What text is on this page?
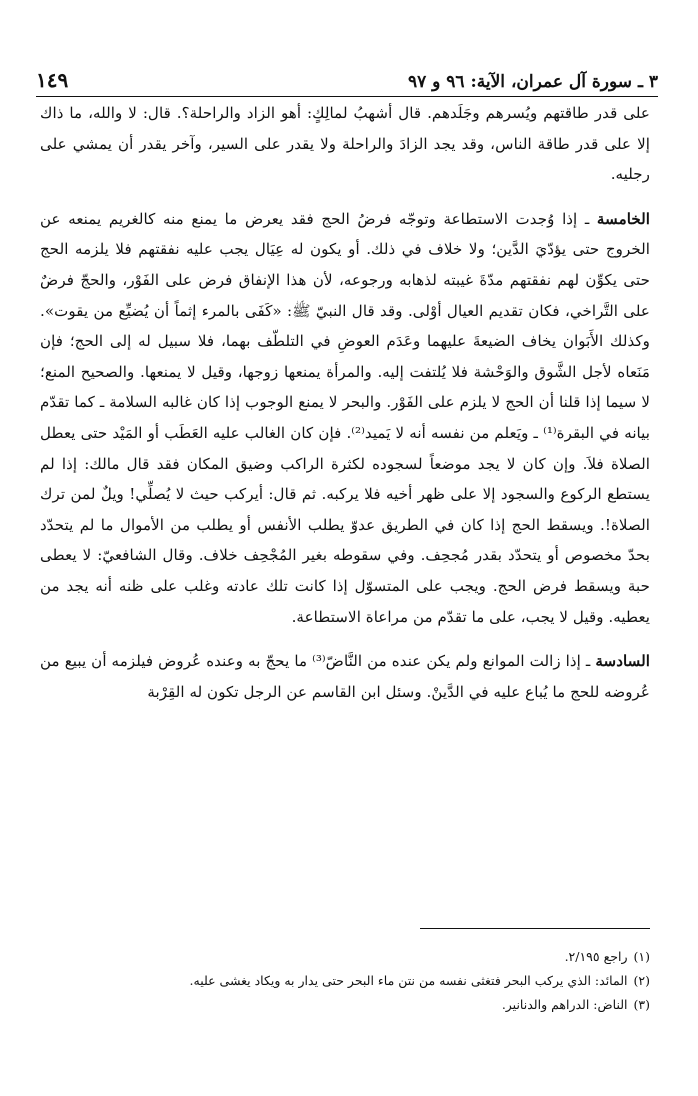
٣ ـ سورة آل عمران، الآية: ٩٦ و ٩٧
١٤٩

على قدر طاقتهم ويُسرهم وجَلَدهم. قال أشهبُ لمالِكٍ: أهو الزاد والراحلة؟. قال: لا والله، ما ذاك إلا على قدر طاقة الناس، وقد يجد الزادَ والراحلة ولا يقدر على السير، وآخر يقدر أن يمشي على رجليه.

الخامسة ـ إذا وُجدت الاستطاعة وتوجّه فرضُ الحج فقد يعرض ما يمنع منه كالغريم يمنعه عن الخروج حتى يؤدّيَ الدَّين؛ ولا خلاف في ذلك. أو يكون له عِيَال يجب عليه نفقتهم فلا يلزمه الحج حتى يكوِّن لهم نفقتهم مدّةَ غيبته لذهابه ورجوعه، لأن هذا الإنفاق فرض على الفَوْر، والحجّ فرضٌ على التَّراخي، فكان تقديم العيال أوْلى. وقد قال النبيّ ﷺ: «كَفَى بالمرء إثماً أن يُضيِّع من يقوت». وكذلك الأَبَوان يخاف الضيعةَ عليهما وعَدَم العوضِ في التلطّف بهما، فلا سبيل له إلى الحج؛ فإن مَنَعاه لأجل الشَّوق والوَحْشة فلا يُلتفت إليه. والمرأة يمنعها زوجها، وقيل لا يمنعها. والصحيح المنع؛ لا سيما إذا قلنا أن الحج لا يلزم على الفَوْر. والبحر لا يمنع الوجوب إذا كان غالبه السلامة ـ كما تقدّم بيانه في البقرة⁽¹⁾ ـ ويَعلم من نفسه أنه لا يَميد⁽²⁾. فإن كان الغالب عليه العَطَب أو المَيْد حتى يعطل الصلاة فلاَ. وإن كان لا يجد موضعاً لسجوده لكثرة الراكب وضيق المكان فقد قال مالك: إذا لم يستطع الركوع والسجود إلا على ظهر أخيه فلا يركبه. ثم قال: أيركب حيث لا يُصلِّي! ويلٌ لمن ترك الصلاة!. ويسقط الحج إذا كان في الطريق عدوّ يطلب الأنفس أو يطلب من الأموال ما لم يتحدّد بحدّ مخصوص أو يتحدّد بقدر مُجحِف. وفي سقوطه بغير المُجْحِف خلاف. وقال الشافعيّ: لا يعطى حبة ويسقط فرض الحج. ويجب على المتسوّل إذا كانت تلك عادته وغلب على ظنه أنه يجد من يعطيه. وقيل لا يجب، على ما تقدّم من مراعاة الاستطاعة.

السادسة ـ إذا زالت الموانع ولم يكن عنده من النَّاضّ⁽³⁾ ما يحجّ به وعنده عُروض فيلزمه أن يبيع من عُروضه للحج ما يُباع عليه في الدَّينْ. وسئل ابن القاسم عن الرجل تكون له القِرْبة

(١)راجع ٢/١٩٥.

(٢)المائد: الذي يركب البحر فتغثى نفسه من نتن ماء البحر حتى يدار به ويكاد يغشى عليه.

(٣)الناض: الدراهم والدنانير.
